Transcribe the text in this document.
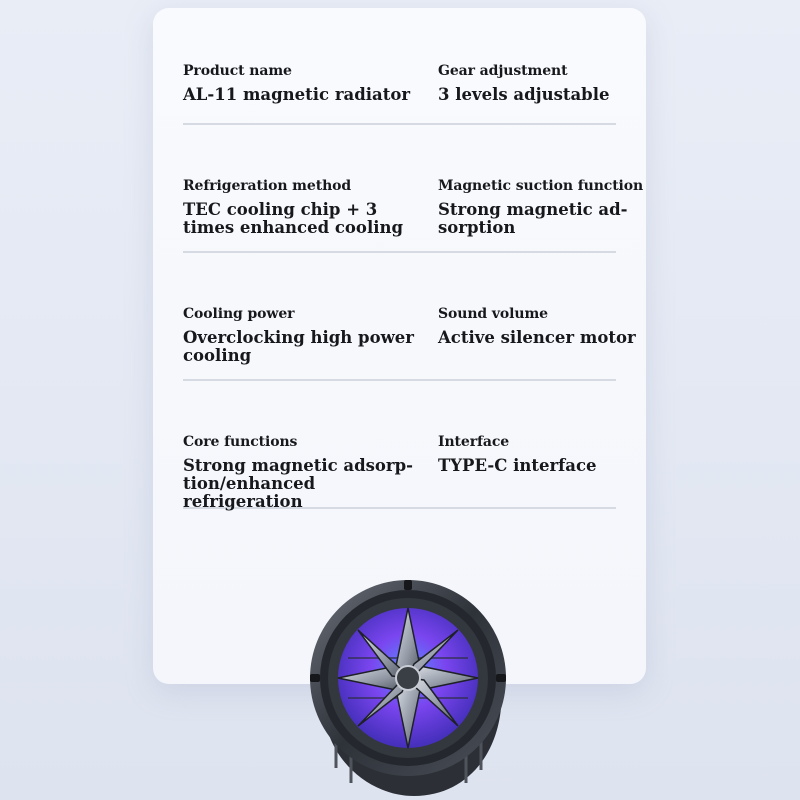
Product name
AL-11 magnetic radiator
Gear adjustment
3 levels adjustable
Refrigeration method
TEC cooling chip + 3 times enhanced cooling
Magnetic suction function
Strong magnetic ad-sorption
Cooling power
Overclocking high power cooling
Sound volume
Active silencer motor
Core functions
Strong magnetic adsorp-tion/enhanced refrigeration
Interface
TYPE-C interface
